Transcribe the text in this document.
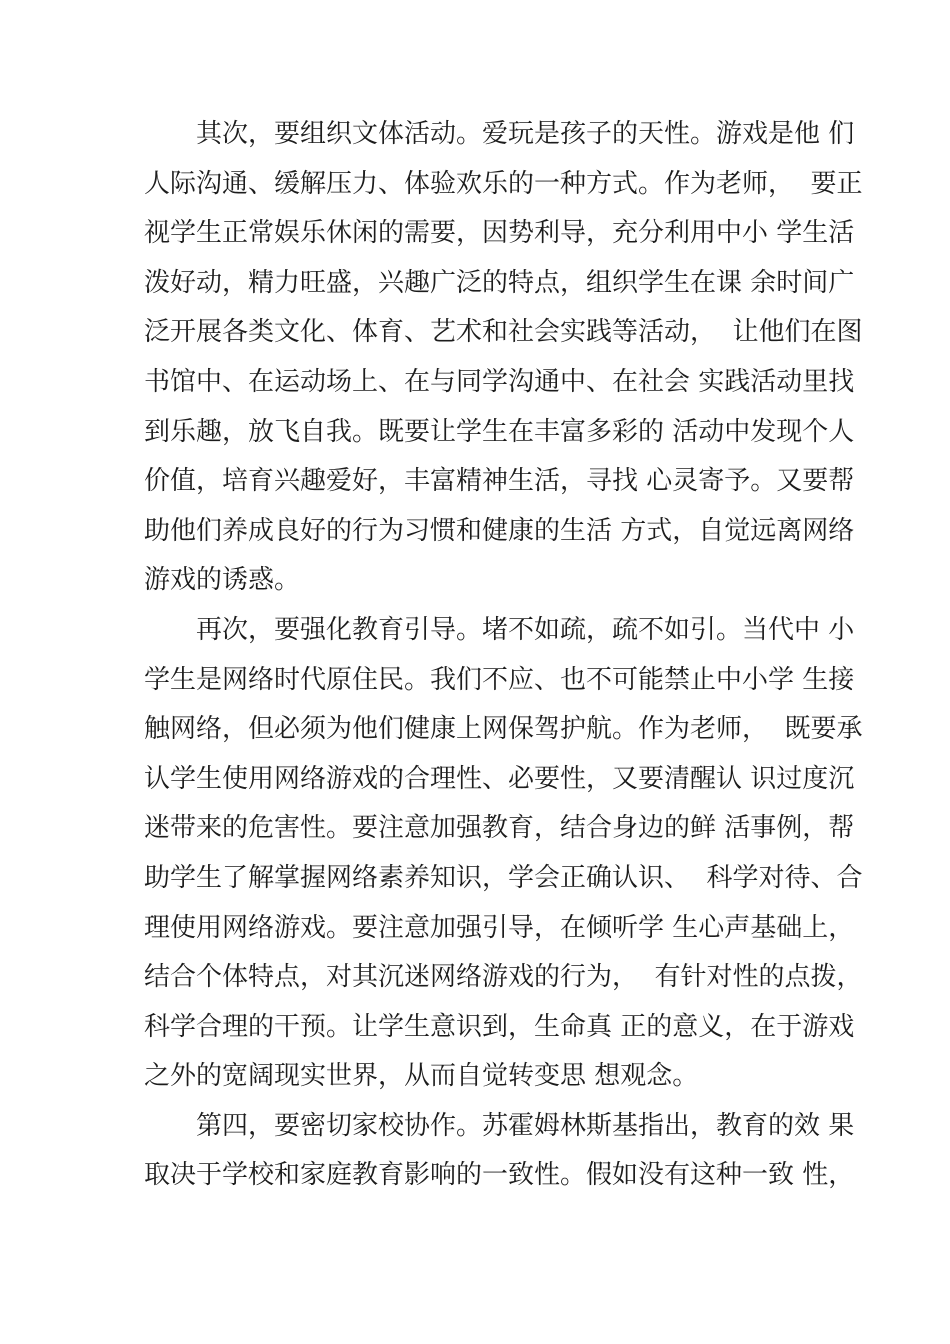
其次，要组织文体活动。爱玩是孩子的天性。游戏是他 们
人际沟通、缓解压力、体验欢乐的一种方式。作为老师，  要正
视学生正常娱乐休闲的需要，因势利导，充分利用中小 学生活
泼好动，精力旺盛，兴趣广泛的特点，组织学生在课 余时间广
泛开展各类文化、体育、艺术和社会实践等活动，  让他们在图
书馆中、在运动场上、在与同学沟通中、在社会 实践活动里找
到乐趣，放飞自我。既要让学生在丰富多彩的 活动中发现个人
价值，培育兴趣爱好，丰富精神生活，寻找 心灵寄予。又要帮
助他们养成良好的行为习惯和健康的生活 方式，自觉远离网络
游戏的诱惑。
再次，要强化教育引导。堵不如疏，疏不如引。当代中 小
学生是网络时代原住民。我们不应、也不可能禁止中小学 生接
触网络，但必须为他们健康上网保驾护航。作为老师，  既要承
认学生使用网络游戏的合理性、必要性，又要清醒认 识过度沉
迷带来的危害性。要注意加强教育，结合身边的鲜 活事例，帮
助学生了解掌握网络素养知识，学会正确认识、  科学对待、合
理使用网络游戏。要注意加强引导，在倾听学 生心声基础上，
结合个体特点，对其沉迷网络游戏的行为，  有针对性的点拨，
科学合理的干预。让学生意识到，生命真 正的意义，在于游戏
之外的宽阔现实世界，从而自觉转变思 想观念。
第四，要密切家校协作。苏霍姆林斯基指出，教育的效 果
取决于学校和家庭教育影响的一致性。假如没有这种一致 性，
